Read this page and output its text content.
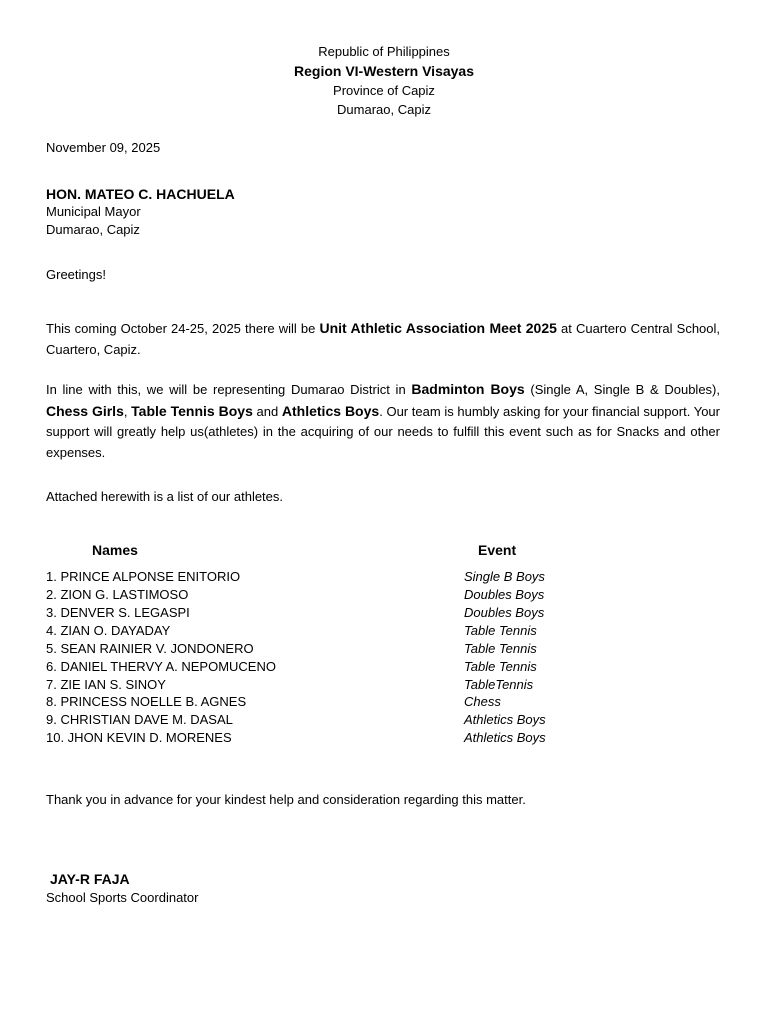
Republic of Philippines
Region VI-Western Visayas
Province of Capiz
Dumarao, Capiz
November 09, 2025
HON. MATEO C. HACHUELA
Municipal Mayor
Dumarao, Capiz
Greetings!
This coming October 24-25, 2025 there will be Unit Athletic Association Meet 2025 at Cuartero Central School, Cuartero, Capiz.
In line with this, we will be representing Dumarao District in Badminton Boys (Single A, Single B & Doubles), Chess Girls, Table Tennis Boys and Athletics Boys. Our team is humbly asking for your financial support. Your support will greatly help us(athletes) in the acquiring of our needs to fulfill this event such as for Snacks and other expenses.
Attached herewith is a list of our athletes.
Names	Event
1. PRINCE ALPONSE ENITORIO	Single B Boys
2. ZION G. LASTIMOSO	Doubles Boys
3. DENVER S. LEGASPI	Doubles Boys
4. ZIAN O. DAYADAY	Table Tennis
5. SEAN RAINIER V. JONDONERO	Table Tennis
6. DANIEL THERVY A. NEPOMUCENO	Table Tennis
7. ZIE IAN S. SINOY	TableTennis
8. PRINCESS NOELLE B. AGNES	Chess
9. CHRISTIAN DAVE M. DASAL	Athletics Boys
10. JHON KEVIN D. MORENES	Athletics Boys
Thank you in advance for your kindest help and consideration regarding this matter.
JAY-R FAJA
School Sports Coordinator
